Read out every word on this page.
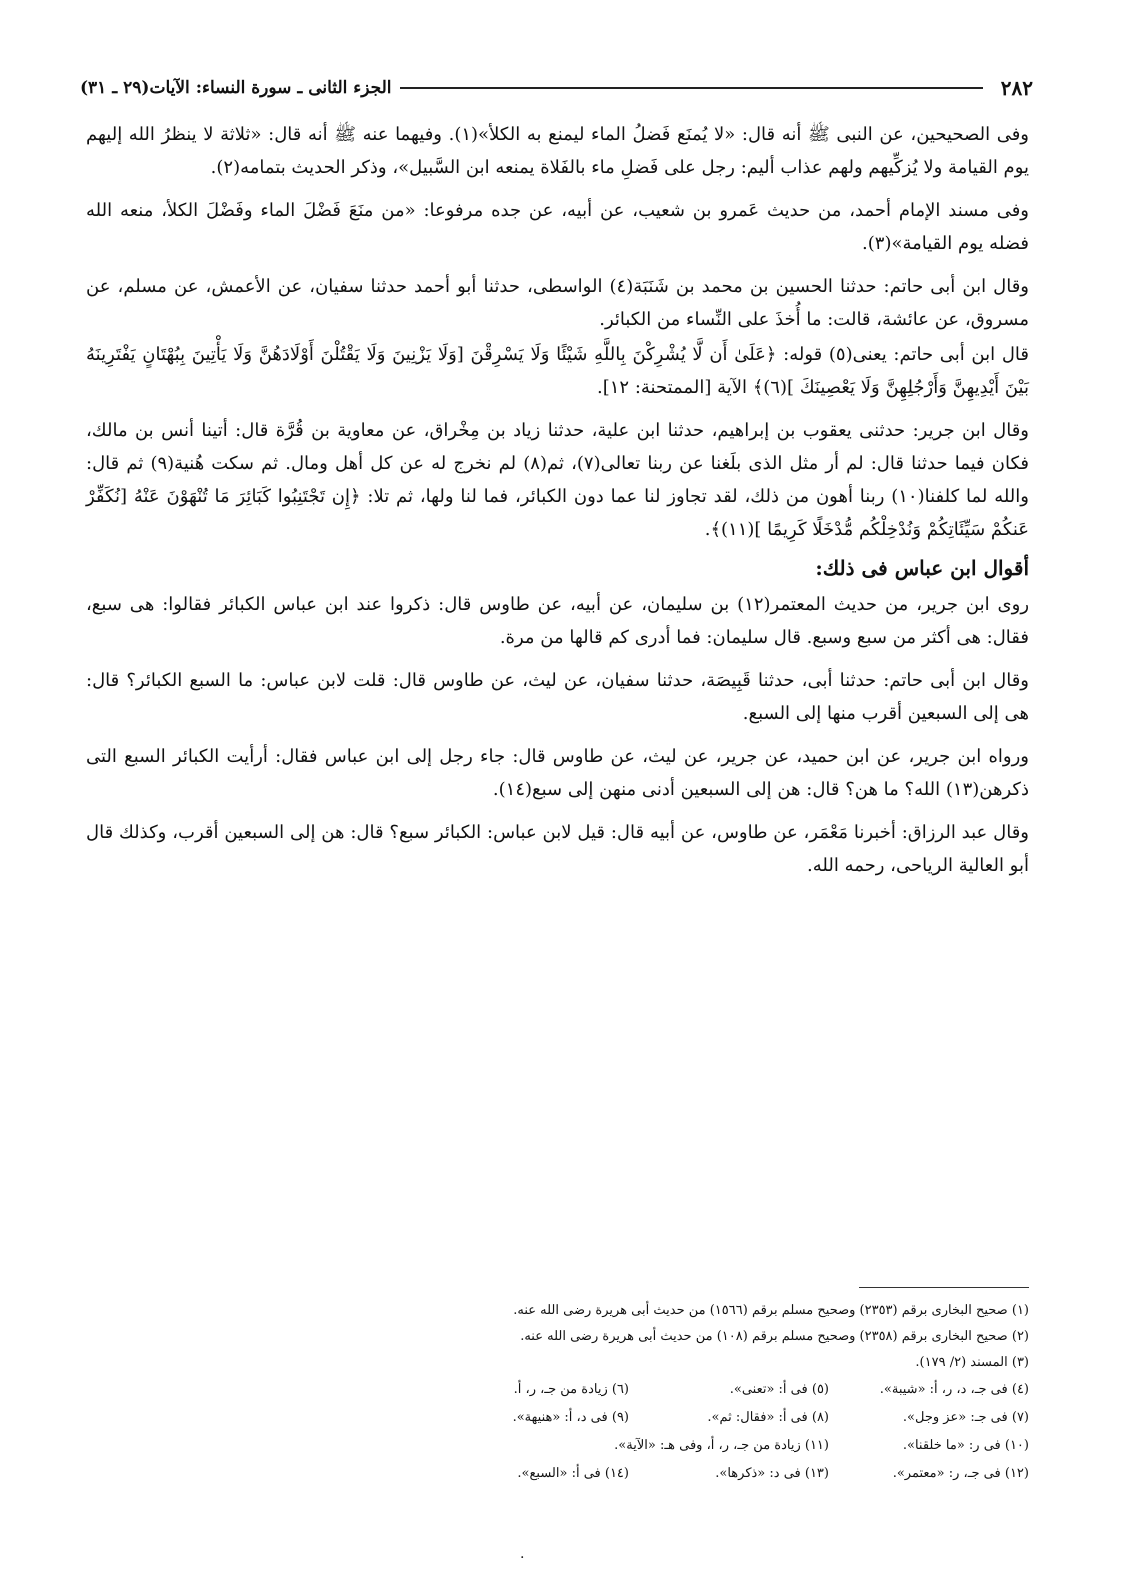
٢٨٢
الجزء الثانى ـ سورة النساء: الآيات(٢٩ ـ ٣١)

وفى الصحيحين، عن النبى ﷺ أنه قال: «لا يُمنَع فَضلُ الماء ليمنع به الكلأ»(١). وفيهما عنه ﷺ أنه قال: «ثلاثة لا ينظرُ الله إليهم يوم القيامة ولا يُزكِّيهم ولهم عذاب أليم: رجل على فَضلِ ماء بالفَلاة يمنعه ابن السَّبيل»، وذكر الحديث بتمامه(٢).

وفى مسند الإمام أحمد، من حديث عَمرو بن شعيب، عن أبيه، عن جده مرفوعا: «من منَعَ فَضْلَ الماء وفَضْلَ الكلأ، منعه الله فضله يوم القيامة»(٣).

وقال ابن أبى حاتم: حدثنا الحسين بن محمد بن شَنَبَة(٤) الواسطى، حدثنا أبو أحمد حدثنا سفيان، عن الأعمش، عن مسلم، عن مسروق، عن عائشة، قالت: ما أُخذَ على النِّساء من الكبائر.

قال ابن أبى حاتم: يعنى(٥) قوله: ﴿عَلَىٰ أَن لَّا يُشْرِكْنَ بِاللَّهِ شَيْئًا وَلَا يَسْرِقْنَ [وَلَا يَزْنِينَ وَلَا يَقْتُلْنَ أَوْلَادَهُنَّ وَلَا يَأْتِينَ بِبُهْتَانٍ يَفْتَرِينَهُ بَيْنَ أَيْدِيهِنَّ وَأَرْجُلِهِنَّ وَلَا يَعْصِينَكَ ](٦)﴾ الآية [الممتحنة: ١٢].

وقال ابن جرير: حدثنى يعقوب بن إبراهيم، حدثنا ابن علية، حدثنا زياد بن مِخْراق، عن معاوية بن قُرَّة قال: أتينا أنس بن مالك، فكان فيما حدثنا قال: لم أر مثل الذى بلَغنا عن ربنا تعالى(٧)، ثم(٨) لم نخرج له عن كل أهل ومال. ثم سكت هُنية(٩) ثم قال: والله لما كلفنا(١٠) ربنا أهون من ذلك، لقد تجاوز لنا عما دون الكبائر، فما لنا ولها، ثم تلا: ﴿إِن تَجْتَنِبُوا كَبَائِرَ مَا تُنْهَوْنَ عَنْهُ [نُكَفِّرْ عَنكُمْ سَيِّئَاتِكُمْ وَنُدْخِلْكُم مُّدْخَلًا كَرِيمًا ](١١)﴾.

أقوال ابن عباس فى ذلك:

روى ابن جرير، من حديث المعتمر(١٢) بن سليمان، عن أبيه، عن طاوس قال: ذكروا عند ابن عباس الكبائر فقالوا: هى سبع، فقال: هى أكثر من سبع وسبع. قال سليمان: فما أدرى كم قالها من مرة.

وقال ابن أبى حاتم: حدثنا أبى، حدثنا قَبِيصَة، حدثنا سفيان، عن ليث، عن طاوس قال: قلت لابن عباس: ما السبع الكبائر؟ قال: هى إلى السبعين أقرب منها إلى السبع.

ورواه ابن جرير، عن ابن حميد، عن جرير، عن ليث، عن طاوس قال: جاء رجل إلى ابن عباس فقال: أرأيت الكبائر السبع التى ذكرهن(١٣) الله؟ ما هن؟ قال: هن إلى السبعين أدنى منهن إلى سبع(١٤).

وقال عبد الرزاق: أخبرنا مَعْمَر، عن طاوس، عن أبيه قال: قيل لابن عباس: الكبائر سبع؟ قال: هن إلى السبعين أقرب، وكذلك قال أبو العالية الرياحى، رحمه الله.

(١) صحيح البخارى برقم (٢٣٥٣) وصحيح مسلم برقم (١٥٦٦) من حديث أبى هريرة رضى الله عنه.
(٢) صحيح البخارى برقم (٢٣٥٨) وصحيح مسلم برقم (١٠٨) من حديث أبى هريرة رضى الله عنه.
(٣) المسند (٢/ ١٧٩).
(٤) فى جـ، د، ر، أ: «شيبة».
(٥) فى أ: «تعنى».
(٦) زيادة من جـ، ر، أ.
(٧) فى جـ: «عز وجل».
(٨) فى أ: «فقال: ثم».
(٩) فى د، أ: «هنيهة».
(١٠) فى ر: «ما خلقنا».
(١١) زيادة من جـ، ر، أ، وفى هـ: «الآية».
(١٢) فى جـ، ر: «معتمر».
(١٣) فى د: «ذكرها».
(١٤) فى أ: «السبع».
.
